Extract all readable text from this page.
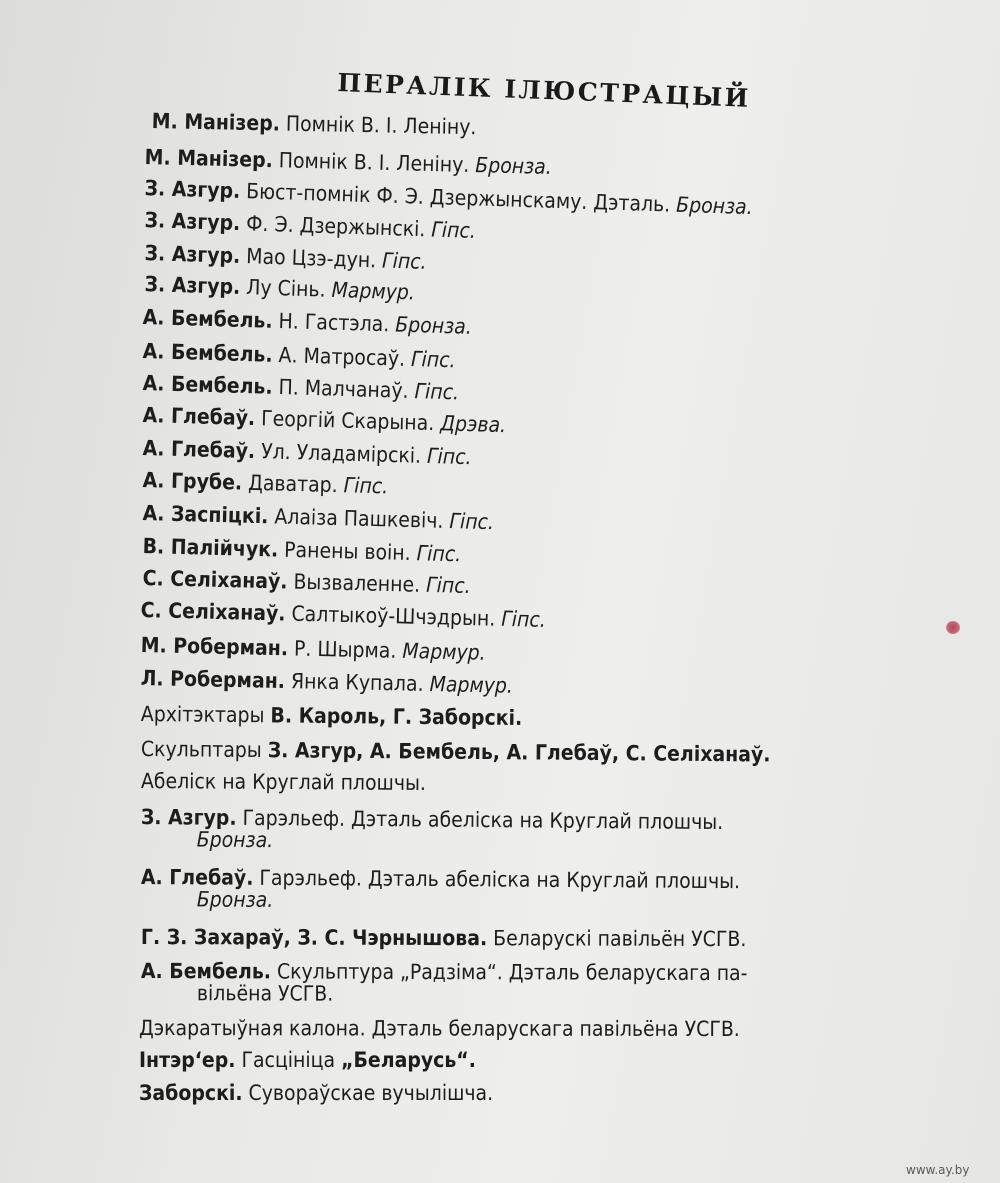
ПЕРАЛІК ІЛЮСТРАЦЫЙ
М. Манізер. Помнік В. І. Леніну.
М. Манізер. Помнік В. І. Леніну. Бронза.
З. Азгур. Бюст-помнік Ф. Э. Дзержынскаму. Дэталь. Бронза.
З. Азгур. Ф. Э. Дзержынскі. Гіпс.
З. Азгур. Мао Цзэ-дун. Гіпс.
З. Азгур. Лу Сінь. Мармур.
А. Бембель. Н. Гастэла. Бронза.
А. Бембель. А. Матросаў. Гіпс.
А. Бембель. П. Малчанаў. Гіпс.
А. Глебаў. Георгій Скарына. Дрэва.
А. Глебаў. Ул. Уладамірскі. Гіпс.
А. Грубе. Даватар. Гіпс.
А. Заспіцкі. Алаіза Пашкевіч. Гіпс.
В. Палійчук. Ранены воін. Гіпс.
С. Селіханаў. Вызваленне. Гіпс.
С. Селіханаў. Салтыкоў-Шчэдрын. Гіпс.
М. Роберман. Р. Шырма. Мармур.
Л. Роберман. Янка Купала. Мармур.
Архітэктары В. Кароль, Г. Заборскі.
Скульптары З. Азгур, А. Бембель, А. Глебаў, С. Селіханаў.
Абеліск на Круглай плошчы.
З. Азгур. Гарэльеф. Дэталь абеліска на Круглай плошчы.
Бронза.
А. Глебаў. Гарэльеф. Дэталь абеліска на Круглай плошчы.
Бронза.
Г. З. Захараў, З. С. Чэрнышова. Беларускі павільён УСГВ.
А. Бембель. Скульптура „Радзіма“. Дэталь беларускага па-
вільёна УСГВ.
Дэкаратыўная калона. Дэталь беларускага павільёна УСГВ.
Інтэр‘ер. Гасцініца „Беларусь“.
Заборскі. Сувораўскае вучылішча.
www.ay.by
